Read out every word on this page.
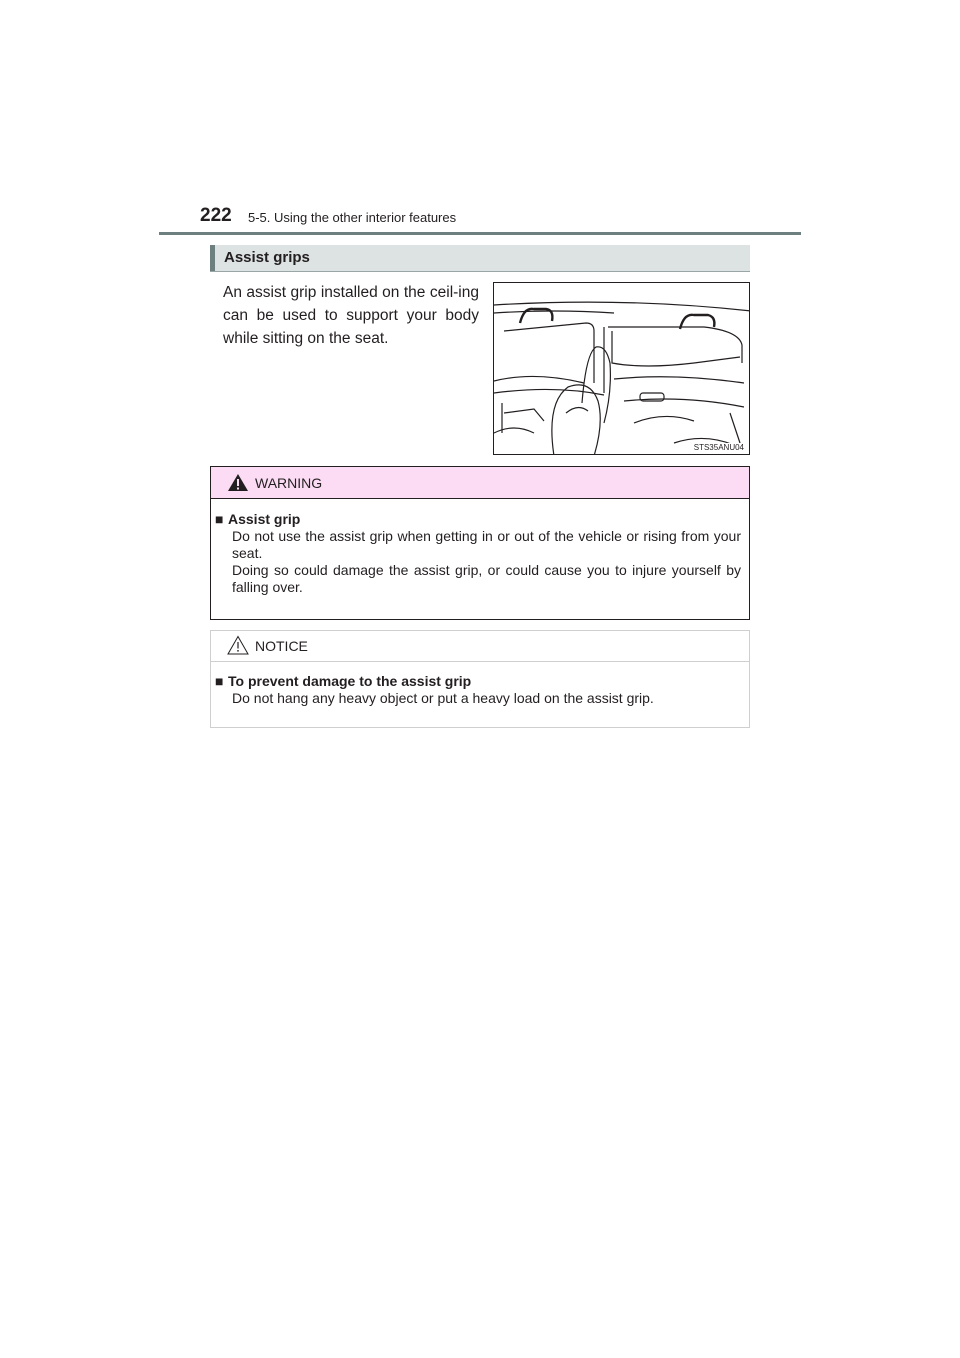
222 5-5. Using the other interior features
Assist grips
An assist grip installed on the ceil-ing can be used to support your body while sitting on the seat.
STS35ANU04
WARNING
■ Assist grip
Do not use the assist grip when getting in or out of the vehicle or rising from your seat.
Doing so could damage the assist grip, or could cause you to injure yourself by falling over.
NOTICE
■ To prevent damage to the assist grip
Do not hang any heavy object or put a heavy load on the assist grip.
